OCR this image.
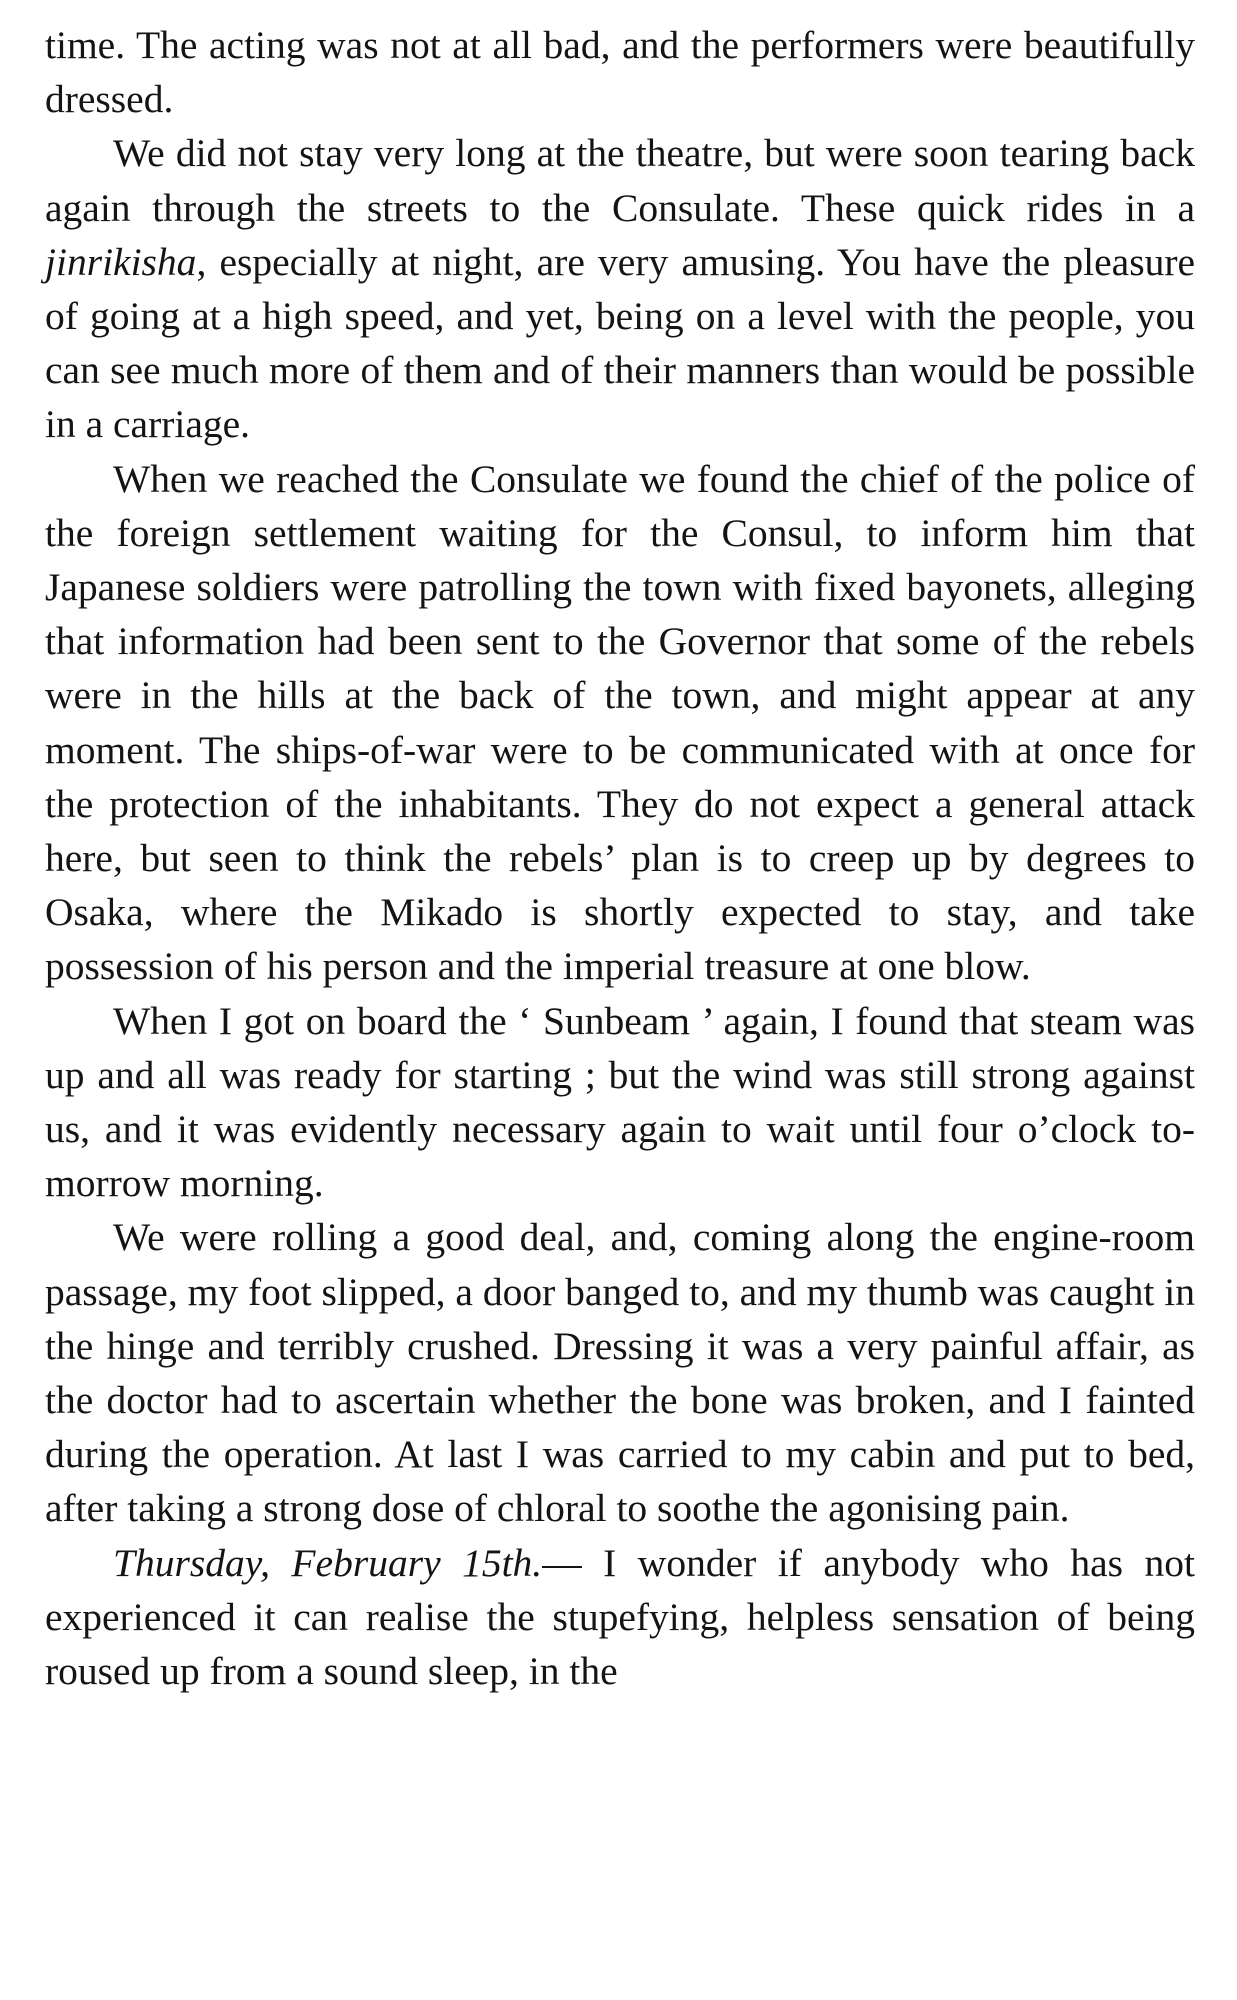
time. The acting was not at all bad, and the performers were beautifully dressed.

We did not stay very long at the theatre, but were soon tearing back again through the streets to the Consulate. These quick rides in a jinrikisha, especially at night, are very amusing. You have the pleasure of going at a high speed, and yet, being on a level with the people, you can see much more of them and of their manners than would be possible in a carriage.

When we reached the Consulate we found the chief of the police of the foreign settlement waiting for the Consul, to inform him that Japanese soldiers were patrolling the town with fixed bayonets, alleging that information had been sent to the Governor that some of the rebels were in the hills at the back of the town, and might appear at any moment. The ships-of-war were to be communicated with at once for the protection of the inhabitants. They do not expect a general attack here, but seen to think the rebels’ plan is to creep up by degrees to Osaka, where the Mikado is shortly expected to stay, and take possession of his person and the imperial treasure at one blow.

When I got on board the ‘ Sunbeam ’ again, I found that steam was up and all was ready for starting ; but the wind was still strong against us, and it was evidently necessary again to wait until four o’clock to-morrow morning.

We were rolling a good deal, and, coming along the engine-room passage, my foot slipped, a door banged to, and my thumb was caught in the hinge and terribly crushed. Dressing it was a very painful affair, as the doctor had to ascertain whether the bone was broken, and I fainted during the operation. At last I was carried to my cabin and put to bed, after taking a strong dose of chloral to soothe the agonising pain.

Thursday, February 15th.— I wonder if anybody who has not experienced it can realise the stupefying, helpless sensation of being roused up from a sound sleep, in the
